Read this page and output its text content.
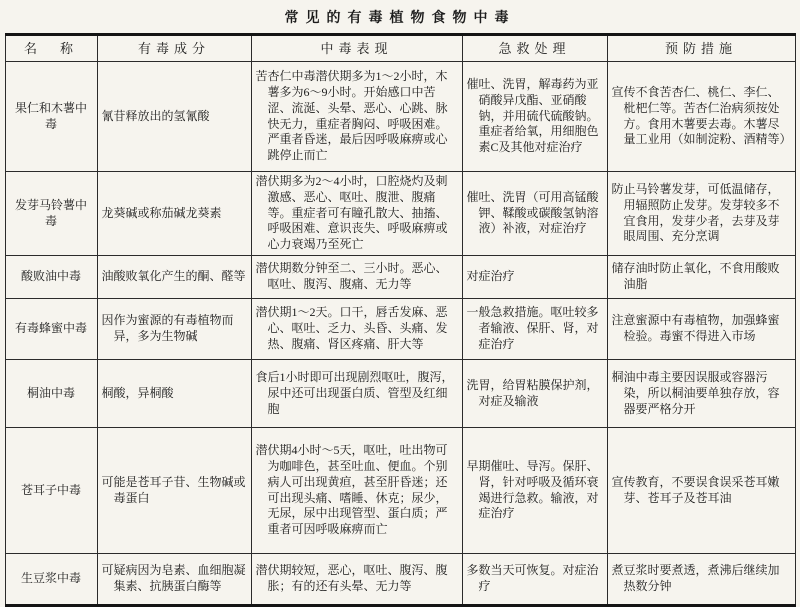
常见的有毒植物食物中毒
名　称	有毒成分	中毒表现	急救处理	预防措施
果仁和木薯中毒	氰苷释放出的氢氰酸	苦杏仁中毒潜伏期多为1～2小时，木薯多为6～9小时。开始感口中苦涩、流涎、头晕、恶心、心跳、脉快无力，重症者胸闷、呼吸困难。严重者昏迷，最后因呼吸麻痹或心跳停止而亡	催吐、洗胃，解毒药为亚硝酸异戊酯、亚硝酸钠，并用硫代硫酸钠。重症者给氧，用细胞色素C及其他对症治疗	宣传不食苦杏仁、桃仁、李仁、枇杷仁等。苦杏仁治病须按处方。食用木薯要去毒。木薯尽量工业用（如制淀粉、酒精等）
发芽马铃薯中毒	龙葵碱或称茄碱龙葵素	潜伏期多为2～4小时，口腔烧灼及刺激感、恶心、呕吐、腹泄、腹痛等。重症者可有瞳孔散大、抽搐、呼吸困难、意识丧失、呼吸麻痹或心力衰竭乃至死亡	催吐、洗胃（可用高锰酸钾、鞣酸或碳酸氢钠溶液）补液，对症治疗	防止马铃薯发芽，可低温储存，用辐照防止发芽。发芽较多不宜食用，发芽少者，去芽及芽眼周围、充分烹调
酸败油中毒	油酸败氧化产生的酮、醛等	潜伏期数分钟至二、三小时。恶心、呕吐、腹泻、腹痛、无力等	对症治疗	储存油时防止氧化，不食用酸败油脂
有毒蜂蜜中毒	因作为蜜源的有毒植物而异，多为生物碱	潜伏期1～2天。口干，唇舌发麻、恶心、呕吐、乏力、头昏、头痛、发热、腹痛、肾区疼痛、肝大等	一般急救措施。呕吐较多者输液、保肝、肾，对症治疗	注意蜜源中有毒植物，加强蜂蜜检验。毒蜜不得进入市场
桐油中毒	桐酸，异桐酸	食后1小时即可出现剧烈呕吐，腹泻，尿中还可出现蛋白质、管型及红细胞	洗胃，给胃粘膜保护剂，对症及输液	桐油中毒主要因误服或容器污染，所以桐油要单独存放，容器要严格分开
苍耳子中毒	可能是苍耳子苷、生物碱或毒蛋白	潜伏期4小时～5天，呕吐，吐出物可为咖啡色，甚至吐血、便血。个别病人可出现黄疸，甚至肝昏迷；还可出现头痛、嗜睡、休克；尿少，无尿，尿中出现管型、蛋白质；严重者可因呼吸麻痹而亡	早期催吐、导泻。保肝、肾，针对呼吸及循环衰竭进行急救。输液，对症治疗	宣传教育，不要误食误采苍耳嫩芽、苍耳子及苍耳油
生豆浆中毒	可疑病因为皂素、血细胞凝集素、抗胰蛋白酶等	潜伏期较短，恶心，呕吐、腹泻、腹胀；有的还有头晕、无力等	多数当天可恢复。对症治疗	煮豆浆时要煮透，煮沸后继续加热数分钟
